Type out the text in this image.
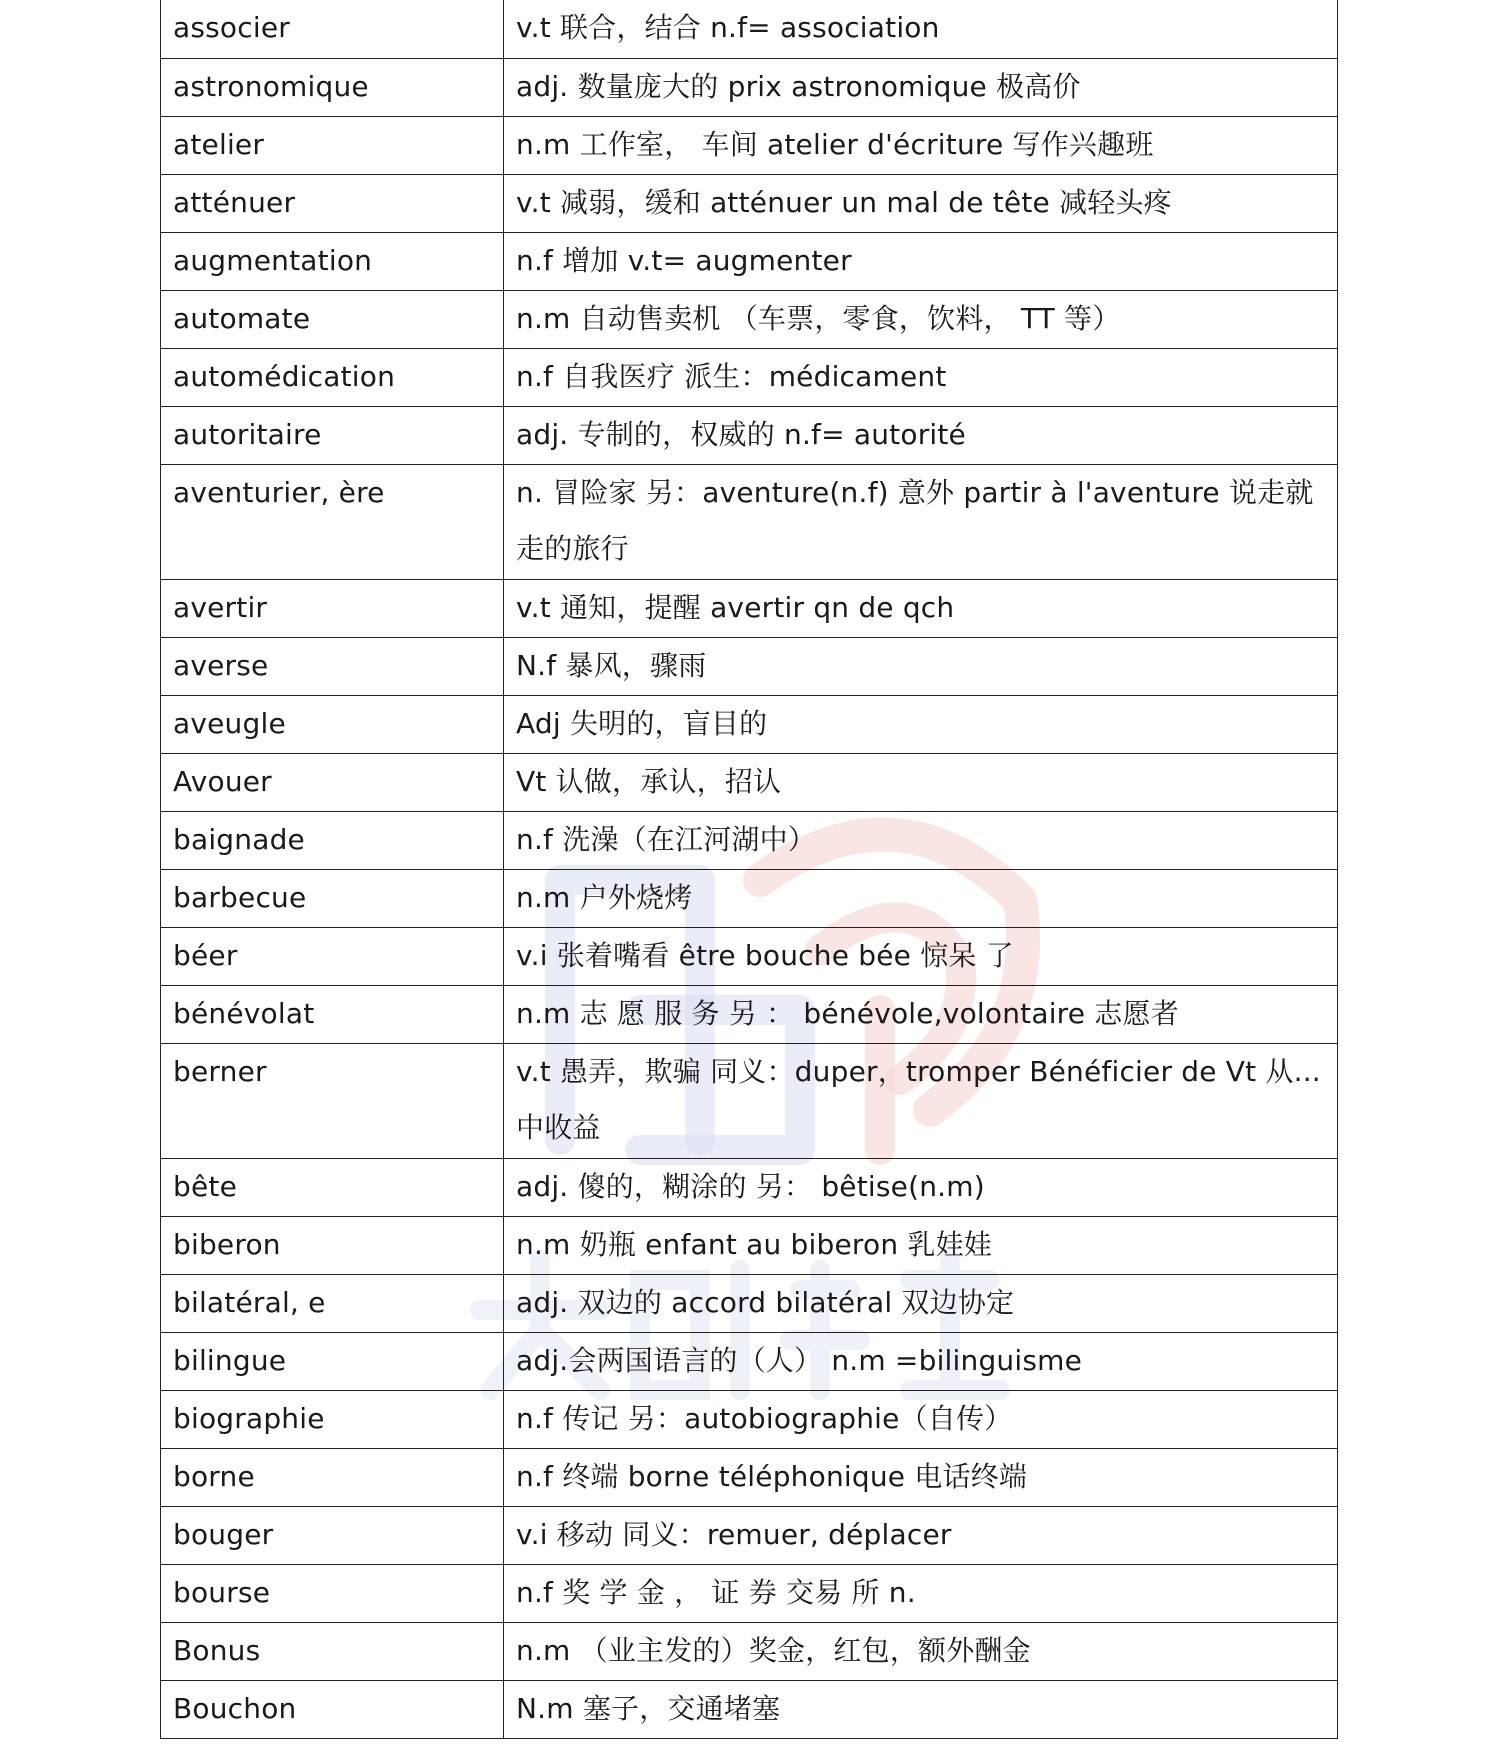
associer	v.t 联合，结合 n.f= association
astronomique	adj. 数量庞大的 prix astronomique 极高价
atelier	n.m 工作室， 车间 atelier d'écriture 写作兴趣班
atténuer	v.t 减弱，缓和 atténuer un mal de tête 减轻头疼
augmentation	n.f 增加 v.t= augmenter
automate	n.m 自动售卖机 （车票，零食，饮料， TT 等）
automédication	n.f 自我医疗 派生：médicament
autoritaire	adj. 专制的，权威的 n.f= autorité
aventurier, ère	n. 冒险家 另：aventure(n.f) 意外 partir à l'aventure 说走就走的旅行
avertir	v.t 通知，提醒 avertir qn de qch
averse	N.f 暴风，骤雨
aveugle	Adj 失明的，盲目的
Avouer	Vt 认做，承认，招认
baignade	n.f 洗澡（在江河湖中）
barbecue	n.m 户外烧烤
béer	v.i 张着嘴看 être bouche bée 惊呆 了
bénévolat	n.m 志 愿 服 务 另 ： bénévole,volontaire 志愿者
berner	v.t 愚弄，欺骗 同义：duper，tromper Bénéficier de Vt 从...中收益
bête	adj. 傻的，糊涂的 另： bêtise(n.m)
biberon	n.m 奶瓶 enfant au biberon 乳娃娃
bilatéral, e	adj. 双边的 accord bilatéral 双边协定
bilingue	adj.会两国语言的（人） n.m =bilinguisme
biographie	n.f 传记 另：autobiographie（自传）
borne	n.f 终端 borne téléphonique 电话终端
bouger	v.i 移动 同义：remuer, déplacer
bourse	n.f 奖 学 金 ， 证 券 交易 所 n.
Bonus	n.m （业主发的）奖金，红包，额外酬金
Bouchon	N.m 塞子，交通堵塞
